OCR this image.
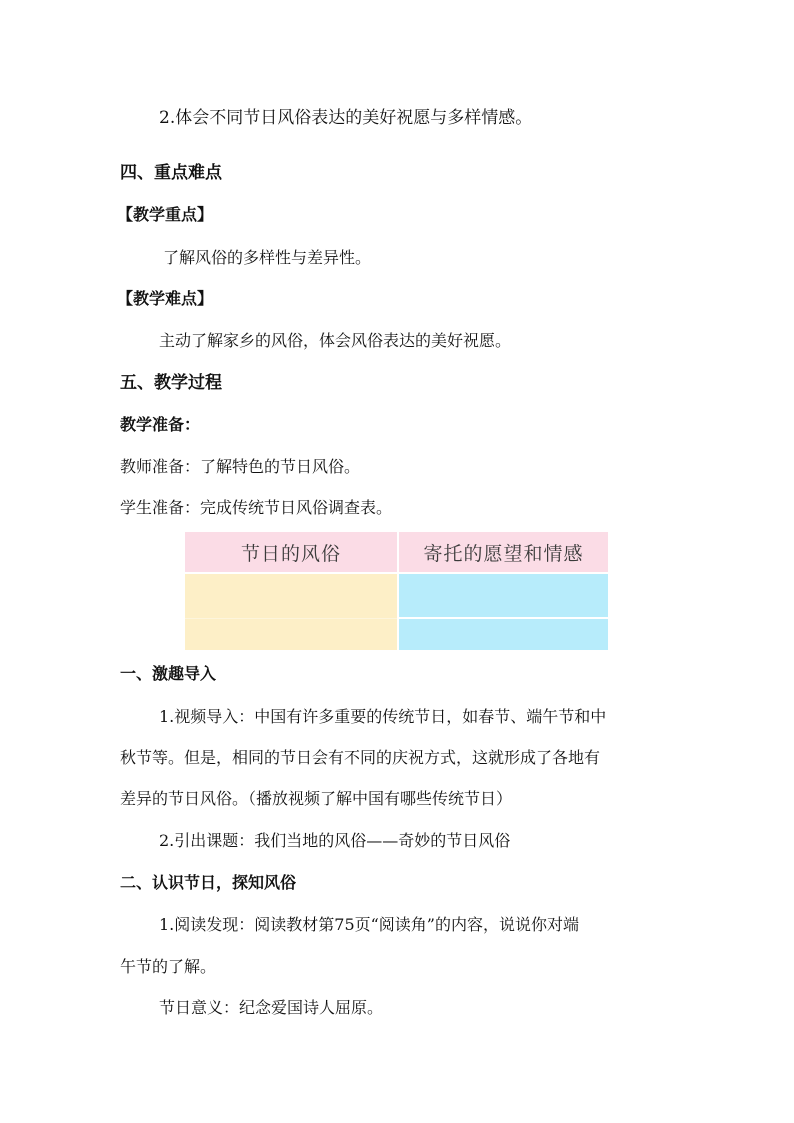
2.体会不同节日风俗表达的美好祝愿与多样情感。
四、重点难点
【教学重点】
了解风俗的多样性与差异性。
【教学难点】
主动了解家乡的风俗，体会风俗表达的美好祝愿。
五、教学过程
教学准备：
教师准备：了解特色的节日风俗。
学生准备：完成传统节日风俗调查表。
节日的风俗	寄托的愿望和情感

一、激趣导入
1.视频导入：中国有许多重要的传统节日，如春节、端午节和中
秋节等。但是，相同的节日会有不同的庆祝方式，这就形成了各地有
差异的节日风俗。（播放视频了解中国有哪些传统节日）
2.引出课题：我们当地的风俗——奇妙的节日风俗
二、认识节日，探知风俗
1.阅读发现：阅读教材第75页“阅读角”的内容，说说你对端
午节的了解。
节日意义：纪念爱国诗人屈原。
